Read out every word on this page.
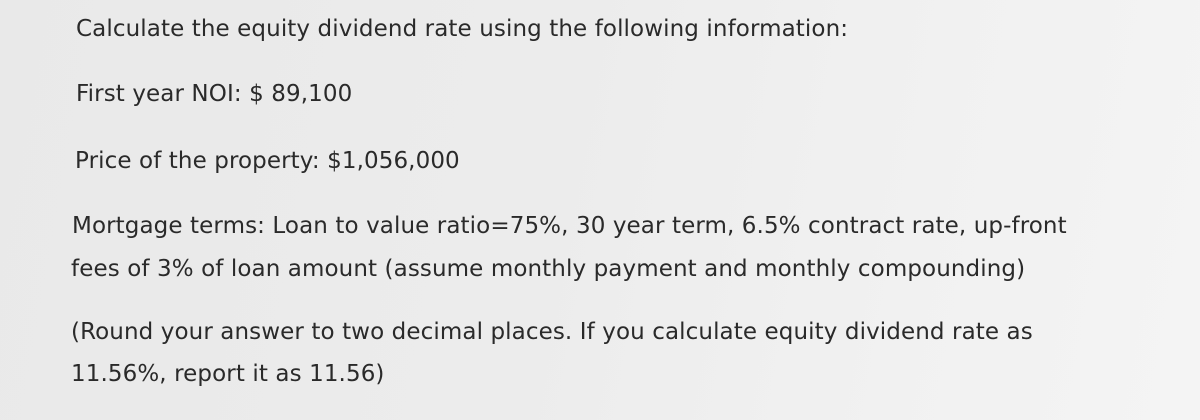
Calculate the equity dividend rate using the following information:
First year NOI: $ 89,100
Price of the property: $1,056,000
Mortgage terms: Loan to value ratio=75%, 30 year term, 6.5% contract rate, up-front
fees of 3% of loan amount (assume monthly payment and monthly compounding)
(Round your answer to two decimal places. If you calculate equity dividend rate as
11.56%, report it as 11.56)
